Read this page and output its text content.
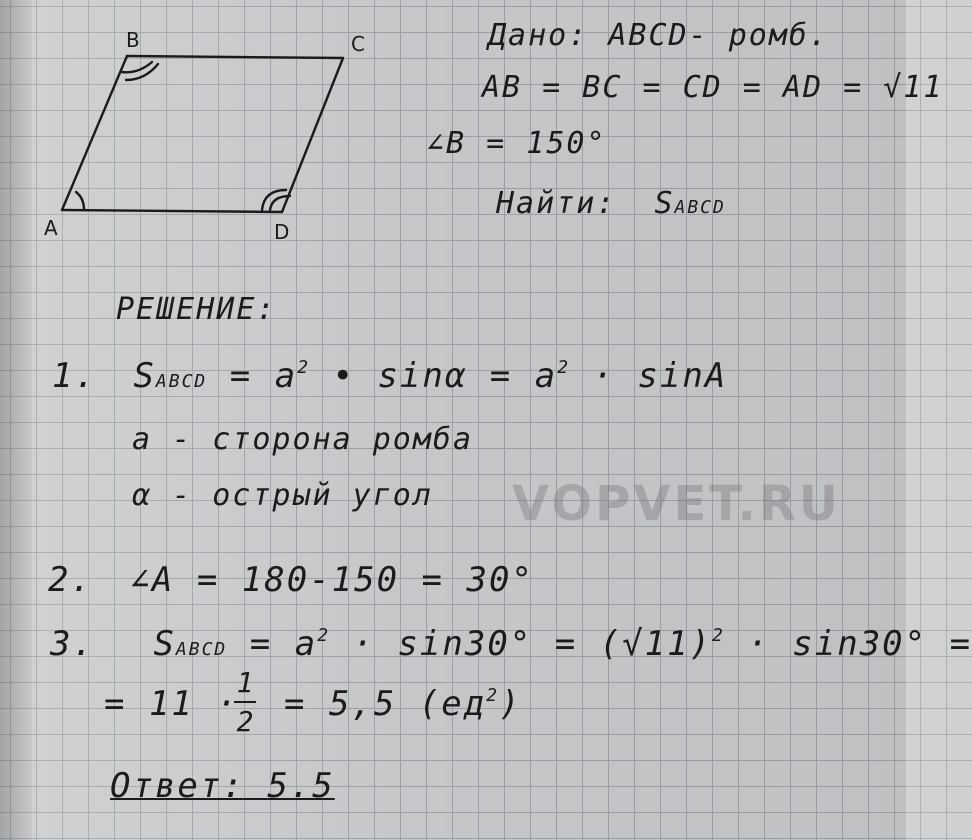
B	C
A	D
Дано: ABCD- ромб.
AB = BC = CD = AD = √11
∠B = 150°
Найти: SABCD
РЕШЕНИЕ:
1. SABCD = $a^2$ • $\sin\alpha = a^2 \cdot \sin A$
a - сторона ромба
α - острый угол VOPVET.RU
2. ∠A = 180-150 = 30°
3. SABCD = $a^2 \cdot \sin 30^\circ = (√11)^2 \cdot \sin 30^\circ$ =
= 11 ·
1
2 = 5,5 $(ед^2)$
Ответ: 5.5
